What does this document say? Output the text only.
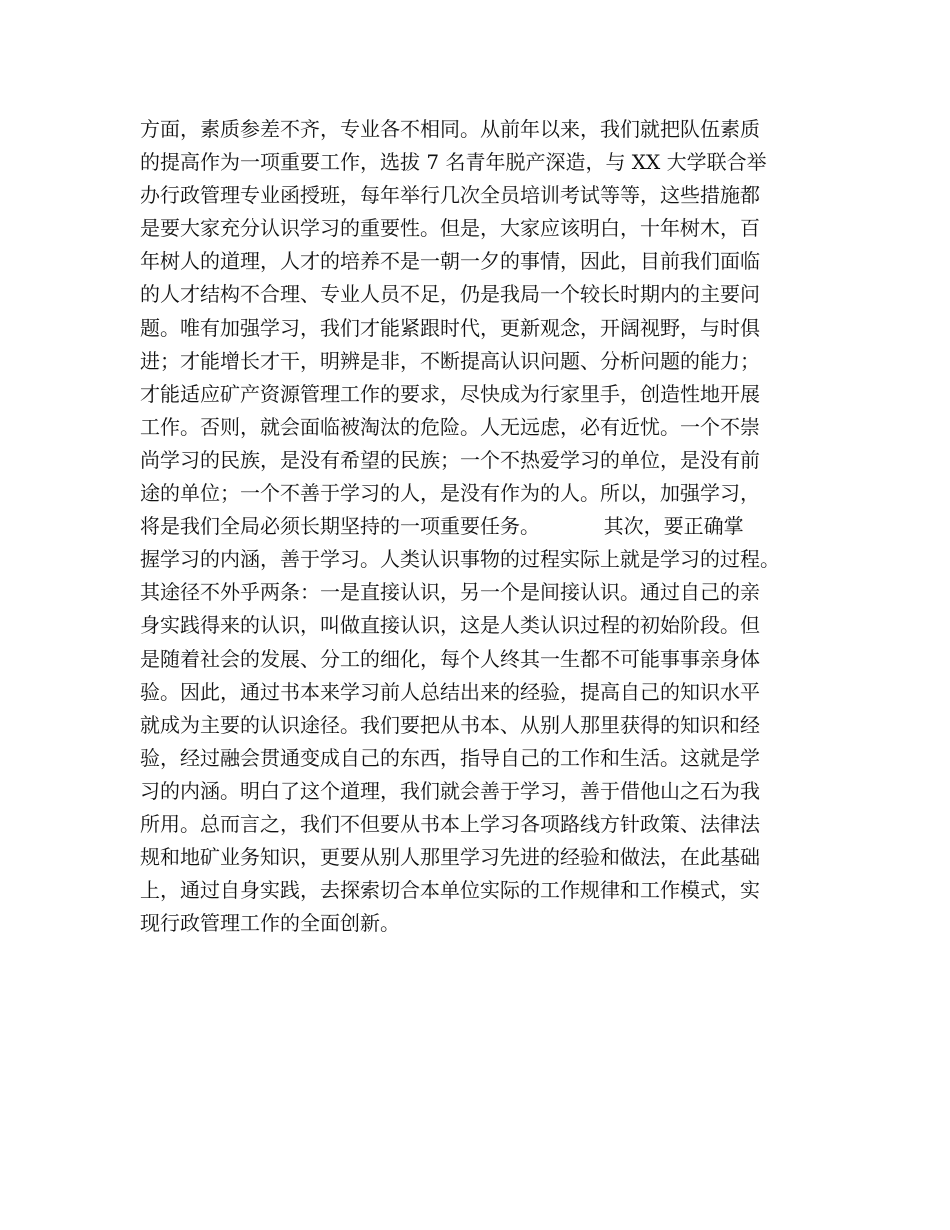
方面，素质参差不齐，专业各不相同。从前年以来，我们就把队伍素质

的提高作为一项重要工作，选拔 7 名青年脱产深造，与 XX 大学联合举

办行政管理专业函授班，每年举行几次全员培训考试等等，这些措施都

是要大家充分认识学习的重要性。但是，大家应该明白，十年树木，百

年树人的道理，人才的培养不是一朝一夕的事情，因此，目前我们面临

的人才结构不合理、专业人员不足，仍是我局一个较长时期内的主要问

题。唯有加强学习，我们才能紧跟时代，更新观念，开阔视野，与时俱

进；才能增长才干，明辨是非，不断提高认识问题、分析问题的能力；

才能适应矿产资源管理工作的要求，尽快成为行家里手，创造性地开展

工作。否则，就会面临被淘汰的危险。人无远虑，必有近忧。一个不崇

尚学习的民族，是没有希望的民族；一个不热爱学习的单位，是没有前

途的单位；一个不善于学习的人，是没有作为的人。所以，加强学习，

将是我们全局必须长期坚持的一项重要任务。          其次，要正确掌

握学习的内涵，善于学习。人类认识事物的过程实际上就是学习的过程。

其途径不外乎两条：一是直接认识，另一个是间接认识。通过自己的亲

身实践得来的认识，叫做直接认识，这是人类认识过程的初始阶段。但

是随着社会的发展、分工的细化，每个人终其一生都不可能事事亲身体

验。因此，通过书本来学习前人总结出来的经验，提高自己的知识水平

就成为主要的认识途径。我们要把从书本、从别人那里获得的知识和经

验，经过融会贯通变成自己的东西，指导自己的工作和生活。这就是学

习的内涵。明白了这个道理，我们就会善于学习，善于借他山之石为我

所用。总而言之，我们不但要从书本上学习各项路线方针政策、法律法

规和地矿业务知识，更要从别人那里学习先进的经验和做法，在此基础

上，通过自身实践，去探索切合本单位实际的工作规律和工作模式，实

现行政管理工作的全面创新。
